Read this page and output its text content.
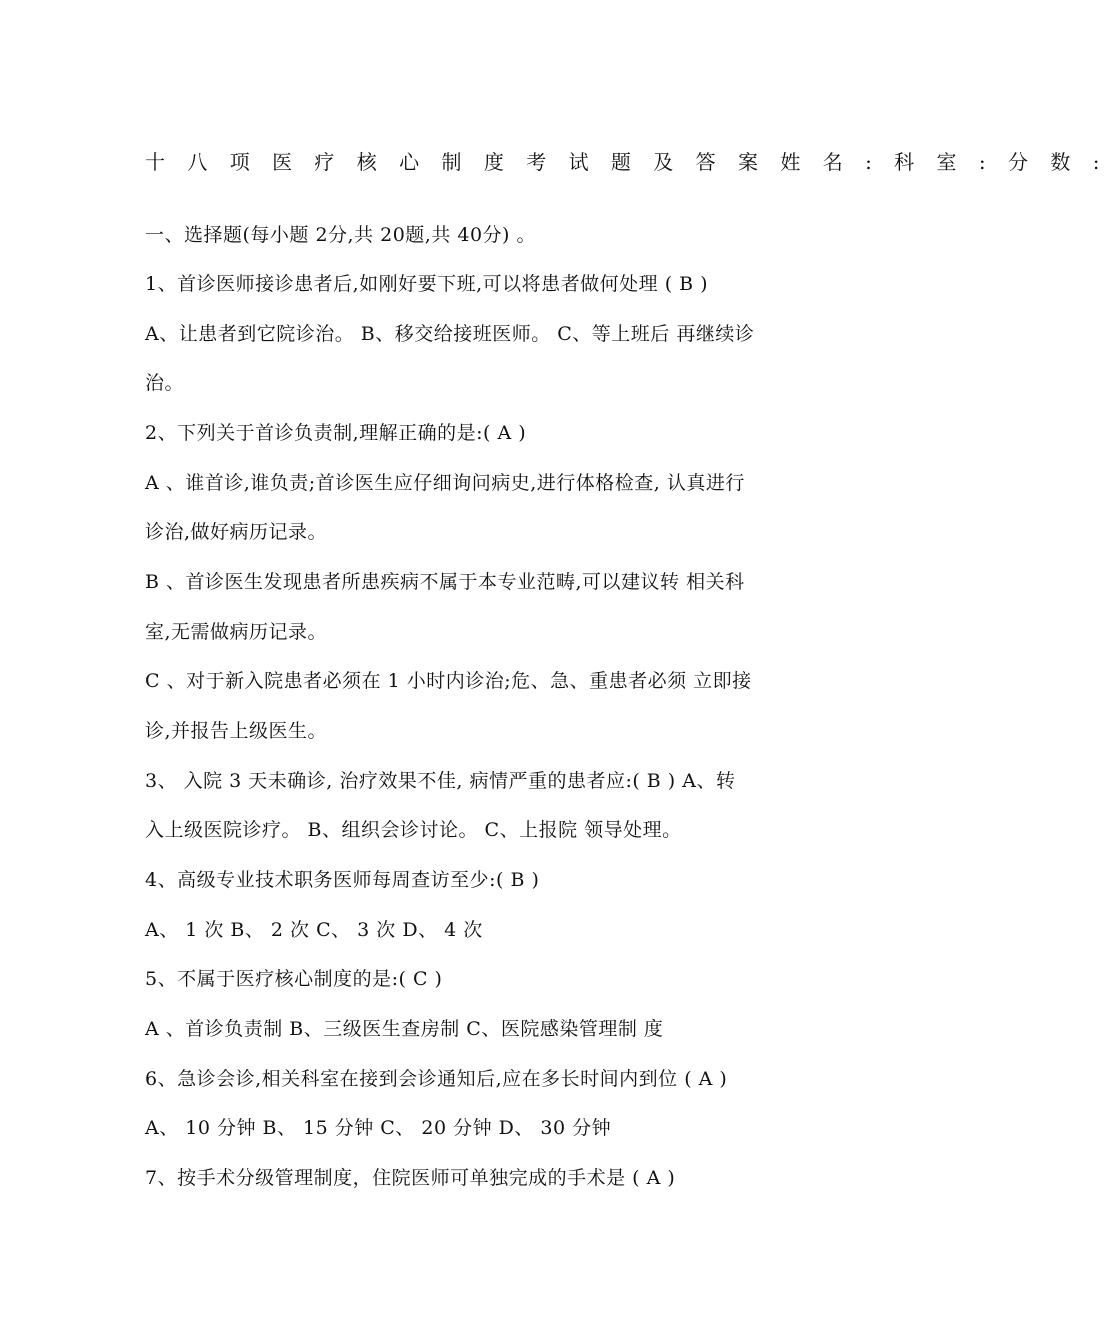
十 八 项 医 疗 核 心 制 度 考 试 题 及 答 案 姓 名 : 科 室 : 分 数 :
一、选择题(每小题 2分,共 20题,共 40分) 。
1、首诊医师接诊患者后,如刚好要下班,可以将患者做何处理 ( B )
A、让患者到它院诊治。 B、移交给接班医师。 C、等上班后 再继续诊
治。
2、下列关于首诊负责制,理解正确的是:( A )
A 、谁首诊,谁负责;首诊医生应仔细询问病史,进行体格检查, 认真进行
诊治,做好病历记录。
B 、首诊医生发现患者所患疾病不属于本专业范畴,可以建议转 相关科
室,无需做病历记录。
C 、对于新入院患者必须在 1 小时内诊治;危、急、重患者必须 立即接
诊,并报告上级医生。
3、 入院 3 天未确诊, 治疗效果不佳, 病情严重的患者应:( B ) A、转
入上级医院诊疗。 B、组织会诊讨论。 C、上报院 领导处理。
4、高级专业技术职务医师每周查访至少:( B )
A、 1 次 B、 2 次 C、 3 次 D、 4 次
5、不属于医疗核心制度的是:( C )
A 、首诊负责制 B、三级医生查房制 C、医院感染管理制 度
6、急诊会诊,相关科室在接到会诊通知后,应在多长时间内到位 ( A )
A、 10 分钟 B、 15 分钟 C、 20 分钟 D、 30 分钟
7、按手术分级管理制度，住院医师可单独完成的手术是 ( A )
